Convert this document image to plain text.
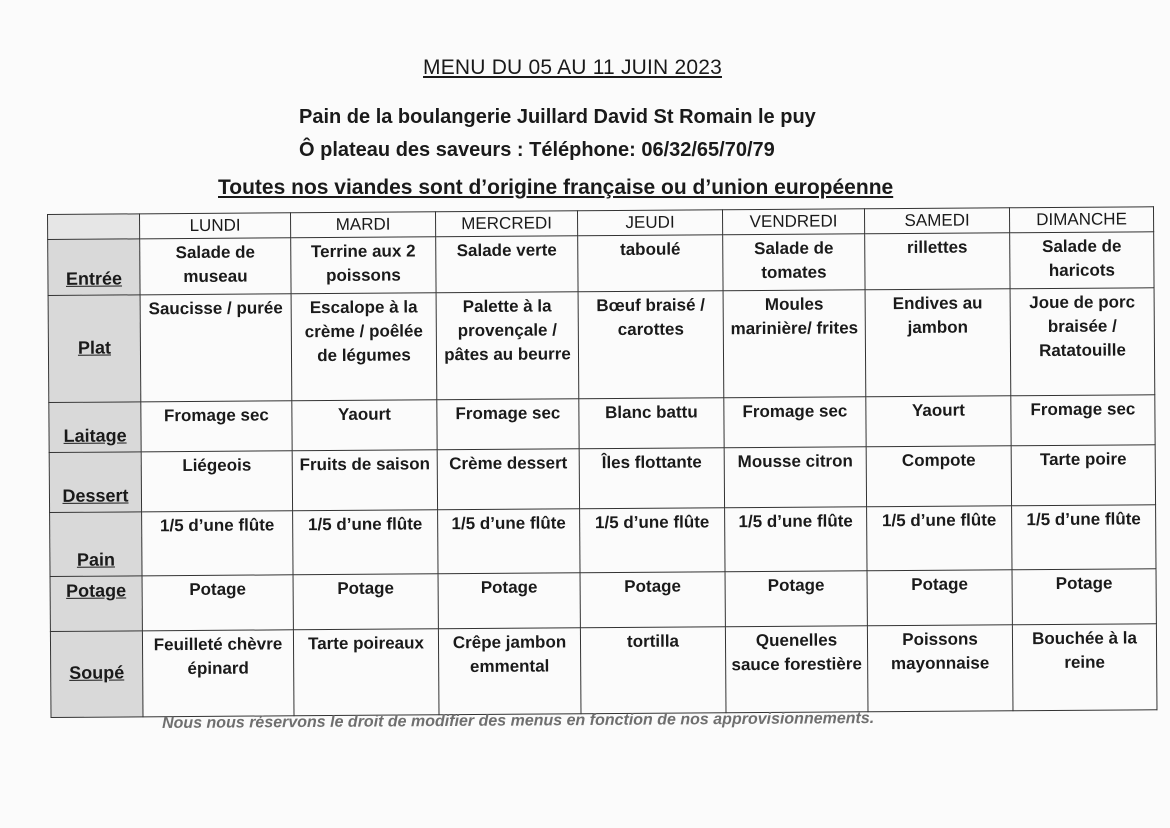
MENU DU 05 AU 11 JUIN 2023
Pain de la boulangerie Juillard David St Romain le puy
Ô plateau des saveurs : Téléphone: 06/32/65/70/79
Toutes nos viandes sont d’origine française ou d’union européenne
	LUNDI	MARDI	MERCREDI	JEUDI	VENDREDI	SAMEDI	DIMANCHE
Entrée	Salade de museau	Terrine aux 2 poissons	Salade verte	taboulé	Salade de tomates	rillettes	Salade de haricots
Plat	Saucisse / purée	Escalope à la crème / poêlée de légumes	Palette à la provençale / pâtes au beurre	Bœuf braisé / carottes	Moules marinière/ frites	Endives au jambon	Joue de porc braisée / Ratatouille
Laitage	Fromage sec	Yaourt	Fromage sec	Blanc battu	Fromage sec	Yaourt	Fromage sec
Dessert	Liégeois	Fruits de saison	Crème dessert	Îles flottante	Mousse citron	Compote	Tarte poire
Pain	1/5 d’une flûte	1/5 d’une flûte	1/5 d’une flûte	1/5 d’une flûte	1/5 d’une flûte	1/5 d’une flûte	1/5 d’une flûte
Potage	Potage	Potage	Potage	Potage	Potage	Potage	Potage
Soupé	Feuilleté chèvre épinard	Tarte poireaux	Crêpe jambon emmental	tortilla	Quenelles sauce forestière	Poissons mayonnaise	Bouchée à la reine
Nous nous réservons le droit de modifier des menus en fonction de nos approvisionnements.
